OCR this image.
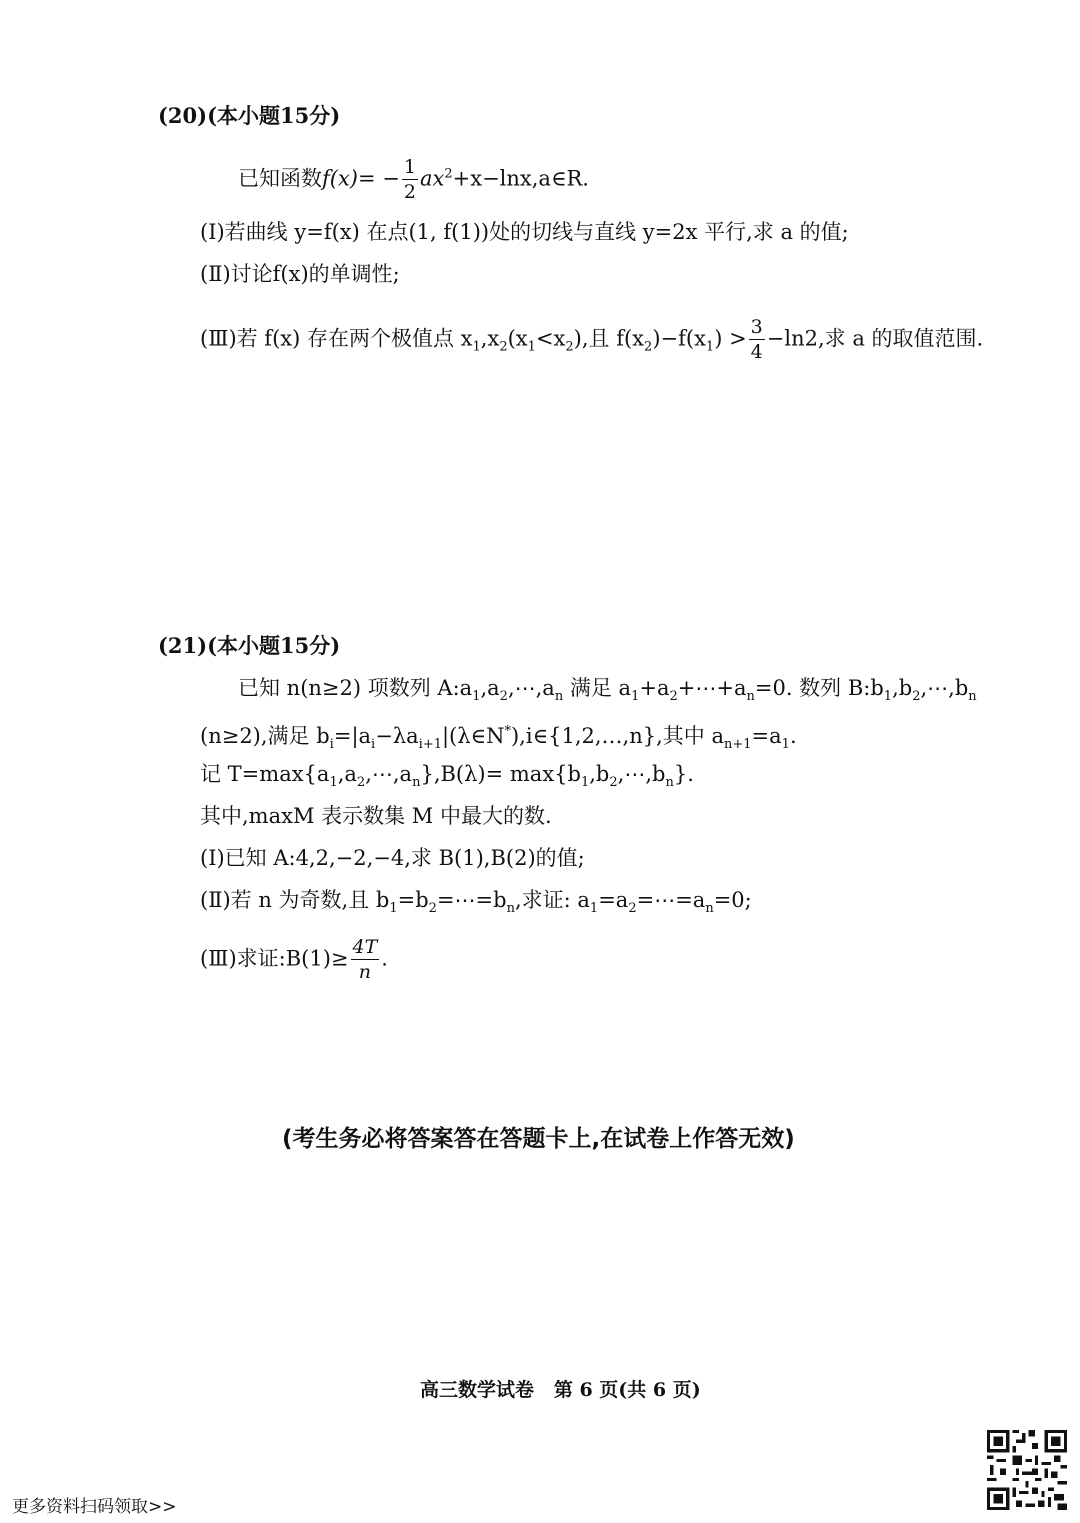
(20)(本小题15分)
已知函数$f(x)= - \frac{1}{2}$ $ax^2+x-\ln x,a\in R$.
(Ⅰ)若曲线 y=f(x) 在点(1, f(1))处的切线与直线 y=2x 平行,求 a 的值;
(Ⅱ)讨论f(x)的单调性;
(Ⅲ)若 f(x) 存在两个极值点 $x_1,x_2(x_1<x_2)$,且 $f(x_2)-f(x_1) > \frac{3}{4} -\ln 2$,求 a 的取值范围.
(21)(本小题15分)
已知 n(n≥2) 项数列 $A:a_1,a_2,\cdots,a_n$ 满足 $a_1+a_2+\cdots+a_n=0$. 数列 $B:b_1,b_2,\cdots,b_n$
(n≥2),满足 $b_i=|a_i-\lambda a_{i+1}|(\lambda\in N^*),i\in\{1,2,\dots,n\}$,其中 $a_{n+1}=a_1$.
记 $T=\max\{a_1,a_2,\cdots,a_n\},B(\lambda)=$ $\max\{b_1,b_2,\cdots,b_n\}$.
其中,maxM 表示数集 M 中最大的数.
(Ⅰ)已知 A:4,2,−2,−4,求 B(1),B(2)的值;
(Ⅱ)若 n 为奇数,且 $b_1=b_2=\cdots=b_n$,求证: $a_1=a_2=\cdots=a_n=0$;
(Ⅲ)求证:B(1)≥ $\frac{4T}{n}$ .
(考生务必将答案答在答题卡上,在试卷上作答无效)
高三数学试卷   第 6 页(共 6 页)
更多资料扫码领取>>
